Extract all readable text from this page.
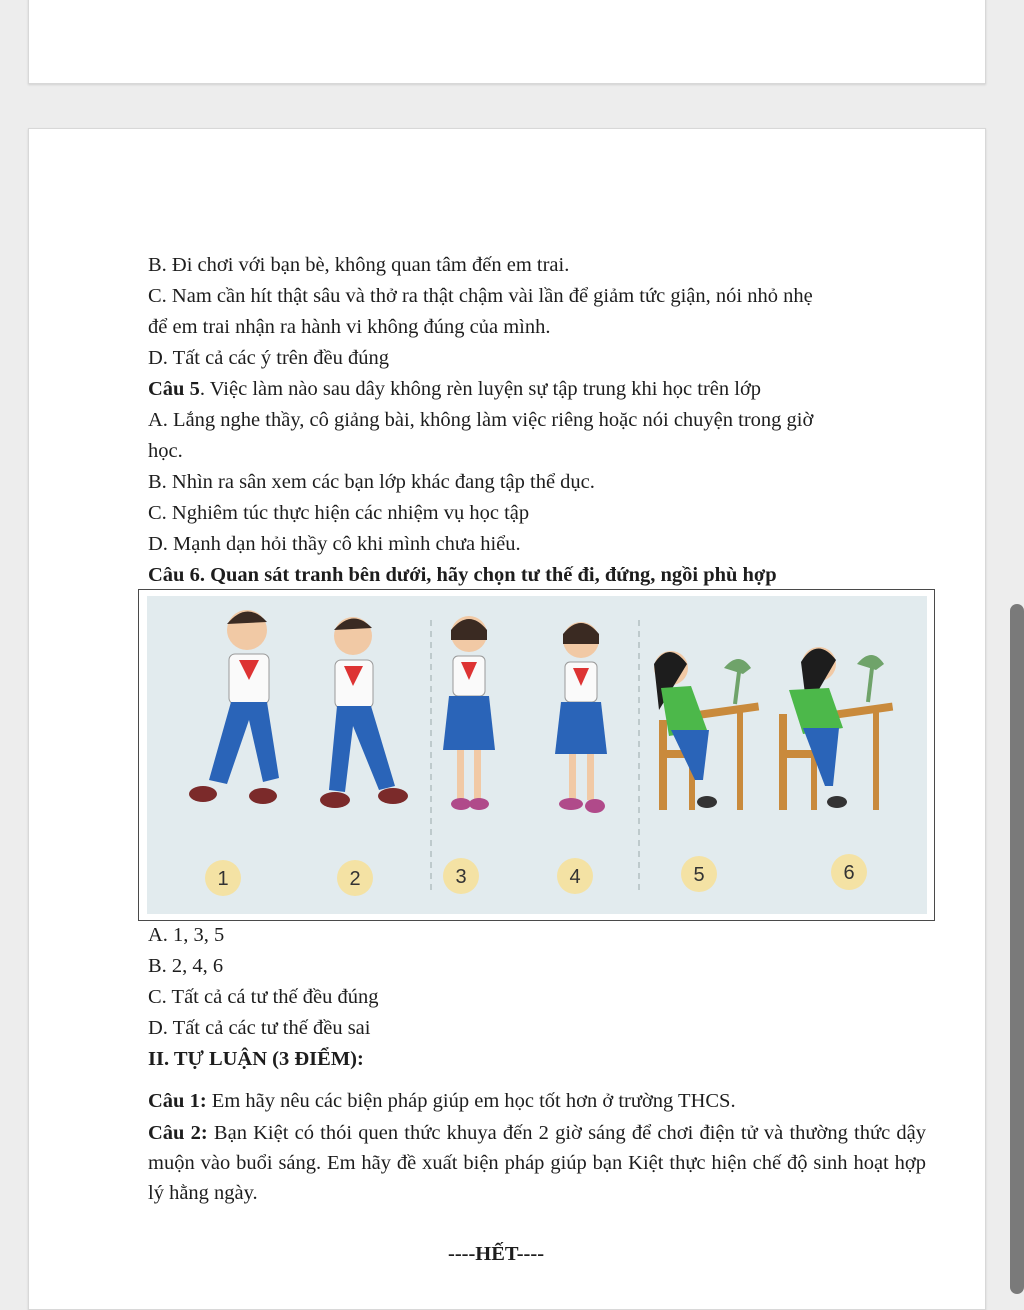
B. Đi chơi với bạn bè, không quan tâm đến em trai.
C. Nam cần hít thật sâu và thở ra thật chậm vài lần để giảm tức giận, nói nhỏ nhẹ
để em trai nhận ra hành vi không đúng của mình.
D. Tất cả các ý trên đều đúng
Câu 5. Việc làm nào sau dây không rèn luyện sự tập trung khi học trên lớp
A. Lắng nghe thầy, cô giảng bài, không làm việc riêng hoặc nói chuyện trong giờ
học.
B. Nhìn ra sân xem các bạn lớp khác đang tập thể dục.
C. Nghiêm túc thực hiện các nhiệm vụ học tập
D. Mạnh dạn hỏi thầy cô khi mình chưa hiểu.
Câu 6. Quan sát tranh bên dưới, hãy chọn tư thế đi, đứng, ngồi phù hợp
1	2	3	4	5	6
A. 1, 3, 5
B. 2, 4, 6
C. Tất cả cá tư thế đều đúng
D. Tất cả các tư thế đều sai
II. TỰ LUẬN (3 ĐIỂM):
Câu 1: Em hãy nêu các biện pháp giúp em học tốt hơn ở trường THCS.
Câu 2: Bạn Kiệt có thói quen thức khuya đến 2 giờ sáng để chơi điện tử và thường thức dậy muộn vào buổi sáng. Em hãy đề xuất biện pháp giúp bạn Kiệt thực hiện chế độ sinh hoạt hợp lý hằng ngày.
----HẾT----
